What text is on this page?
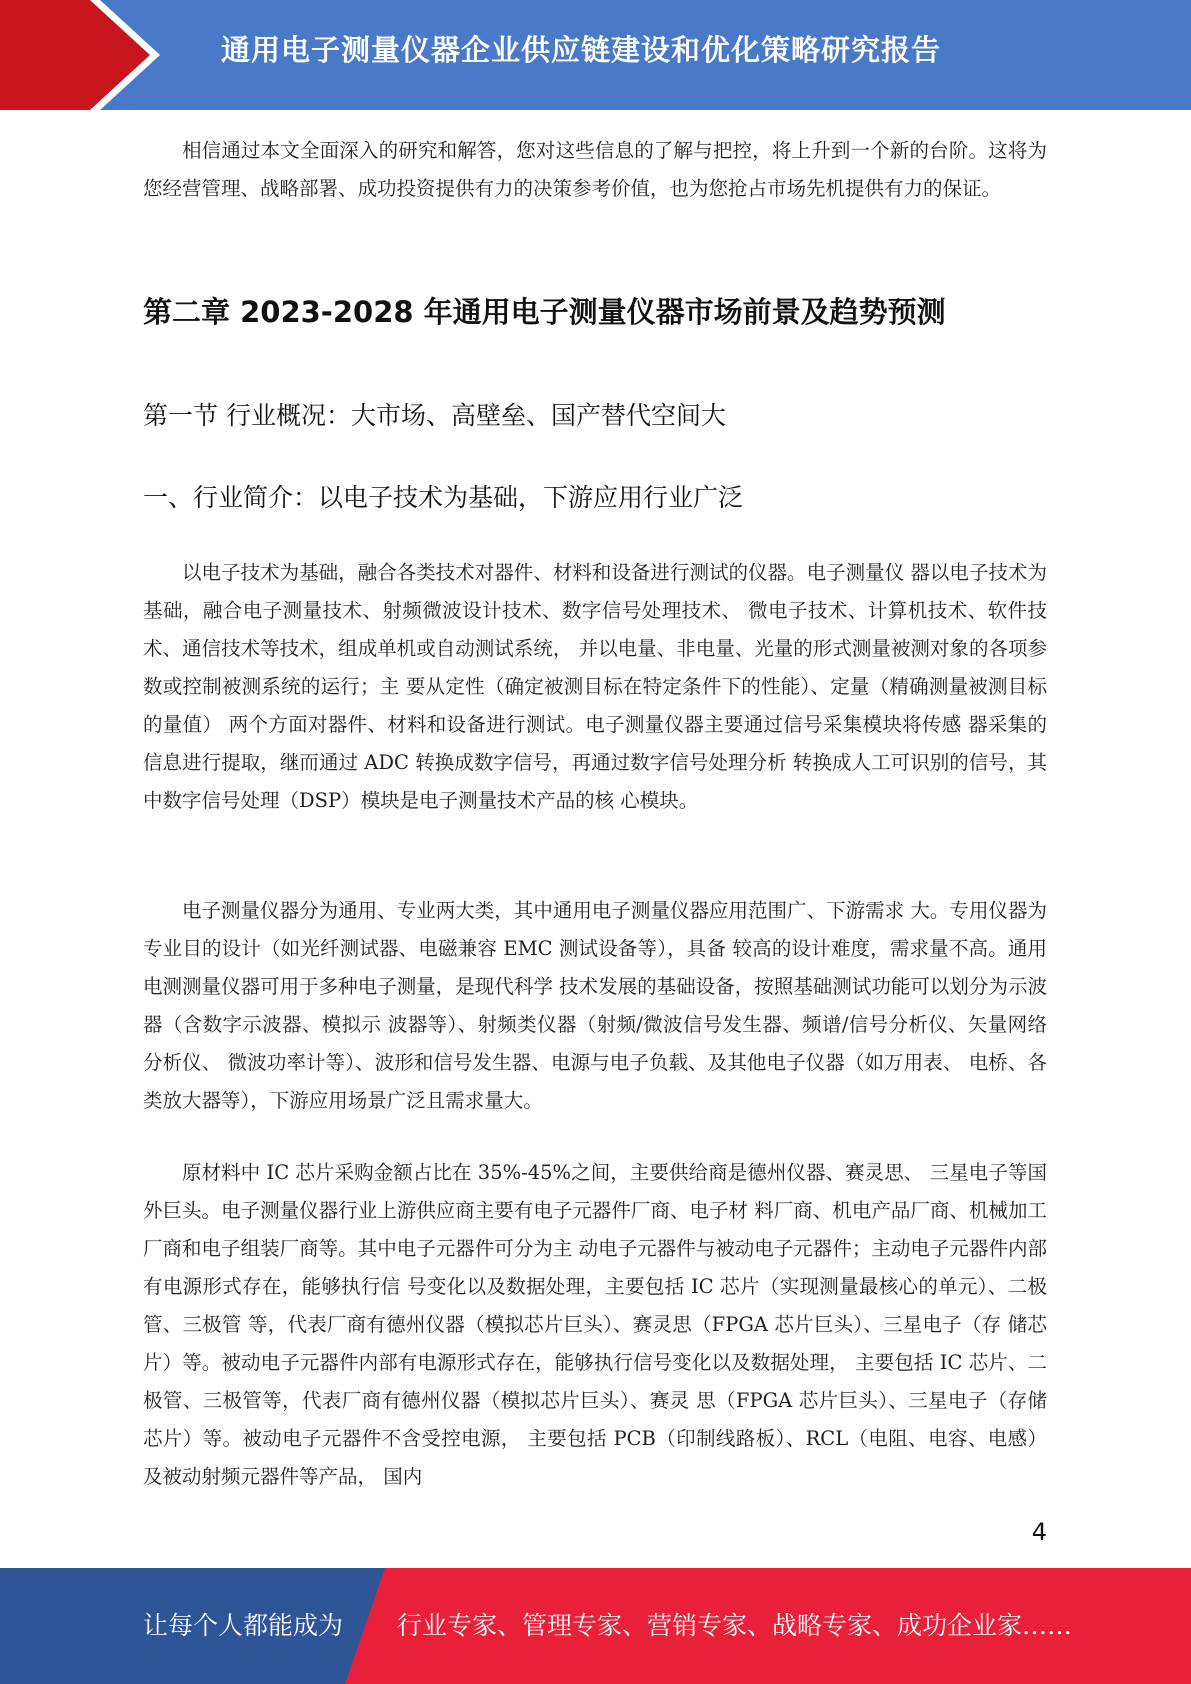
通用电子测量仪器企业供应链建设和优化策略研究报告

相信通过本文全面深入的研究和解答，您对这些信息的了解与把控，将上升到一个新的台阶。这将为您经营管理、战略部署、成功投资提供有力的决策参考价值，也为您抢占市场先机提供有力的保证。

第二章 2023-2028 年通用电子测量仪器市场前景及趋势预测
第一节 行业概况：大市场、高壁垒、国产替代空间大
一、行业简介：以电子技术为基础，下游应用行业广泛

以电子技术为基础，融合各类技术对器件、材料和设备进行测试的仪器。电子测量仪 器以电子技术为基础，融合电子测量技术、射频微波设计技术、数字信号处理技术、 微电子技术、计算机技术、软件技术、通信技术等技术，组成单机或自动测试系统， 并以电量、非电量、光量的形式测量被测对象的各项参数或控制被测系统的运行；主 要从定性（确定被测目标在特定条件下的性能）、定量（精确测量被测目标的量值） 两个方面对器件、材料和设备进行测试。电子测量仪器主要通过信号采集模块将传感 器采集的信息进行提取，继而通过 ADC 转换成数字信号，再通过数字信号处理分析 转换成人工可识别的信号，其中数字信号处理（DSP）模块是电子测量技术产品的核 心模块。

电子测量仪器分为通用、专业两大类，其中通用电子测量仪器应用范围广、下游需求 大。专用仪器为专业目的设计（如光纤测试器、电磁兼容 EMC 测试设备等），具备 较高的设计难度，需求量不高。通用电测测量仪器可用于多种电子测量，是现代科学 技术发展的基础设备，按照基础测试功能可以划分为示波器（含数字示波器、模拟示 波器等）、射频类仪器（射频/微波信号发生器、频谱/信号分析仪、矢量网络分析仪、 微波功率计等）、波形和信号发生器、电源与电子负载、及其他电子仪器（如万用表、 电桥、各类放大器等），下游应用场景广泛且需求量大。

原材料中 IC 芯片采购金额占比在 35%-45%之间，主要供给商是德州仪器、赛灵思、 三星电子等国外巨头。电子测量仪器行业上游供应商主要有电子元器件厂商、电子材 料厂商、机电产品厂商、机械加工厂商和电子组装厂商等。其中电子元器件可分为主 动电子元器件与被动电子元器件；主动电子元器件内部有电源形式存在，能够执行信 号变化以及数据处理，主要包括 IC 芯片（实现测量最核心的单元）、二极管、三极管 等，代表厂商有德州仪器（模拟芯片巨头）、赛灵思（FPGA 芯片巨头）、三星电子（存 储芯片）等。被动电子元器件内部有电源形式存在，能够执行信号变化以及数据处理， 主要包括 IC 芯片、二极管、三极管等，代表厂商有德州仪器（模拟芯片巨头）、赛灵 思（FPGA 芯片巨头）、三星电子（存储芯片）等。被动电子元器件不含受控电源， 主要包括 PCB（印制线路板）、RCL（电阻、电容、电感）及被动射频元器件等产品， 国内

4
让每个人都能成为 行业专家、管理专家、营销专家、战略专家、成功企业家……
